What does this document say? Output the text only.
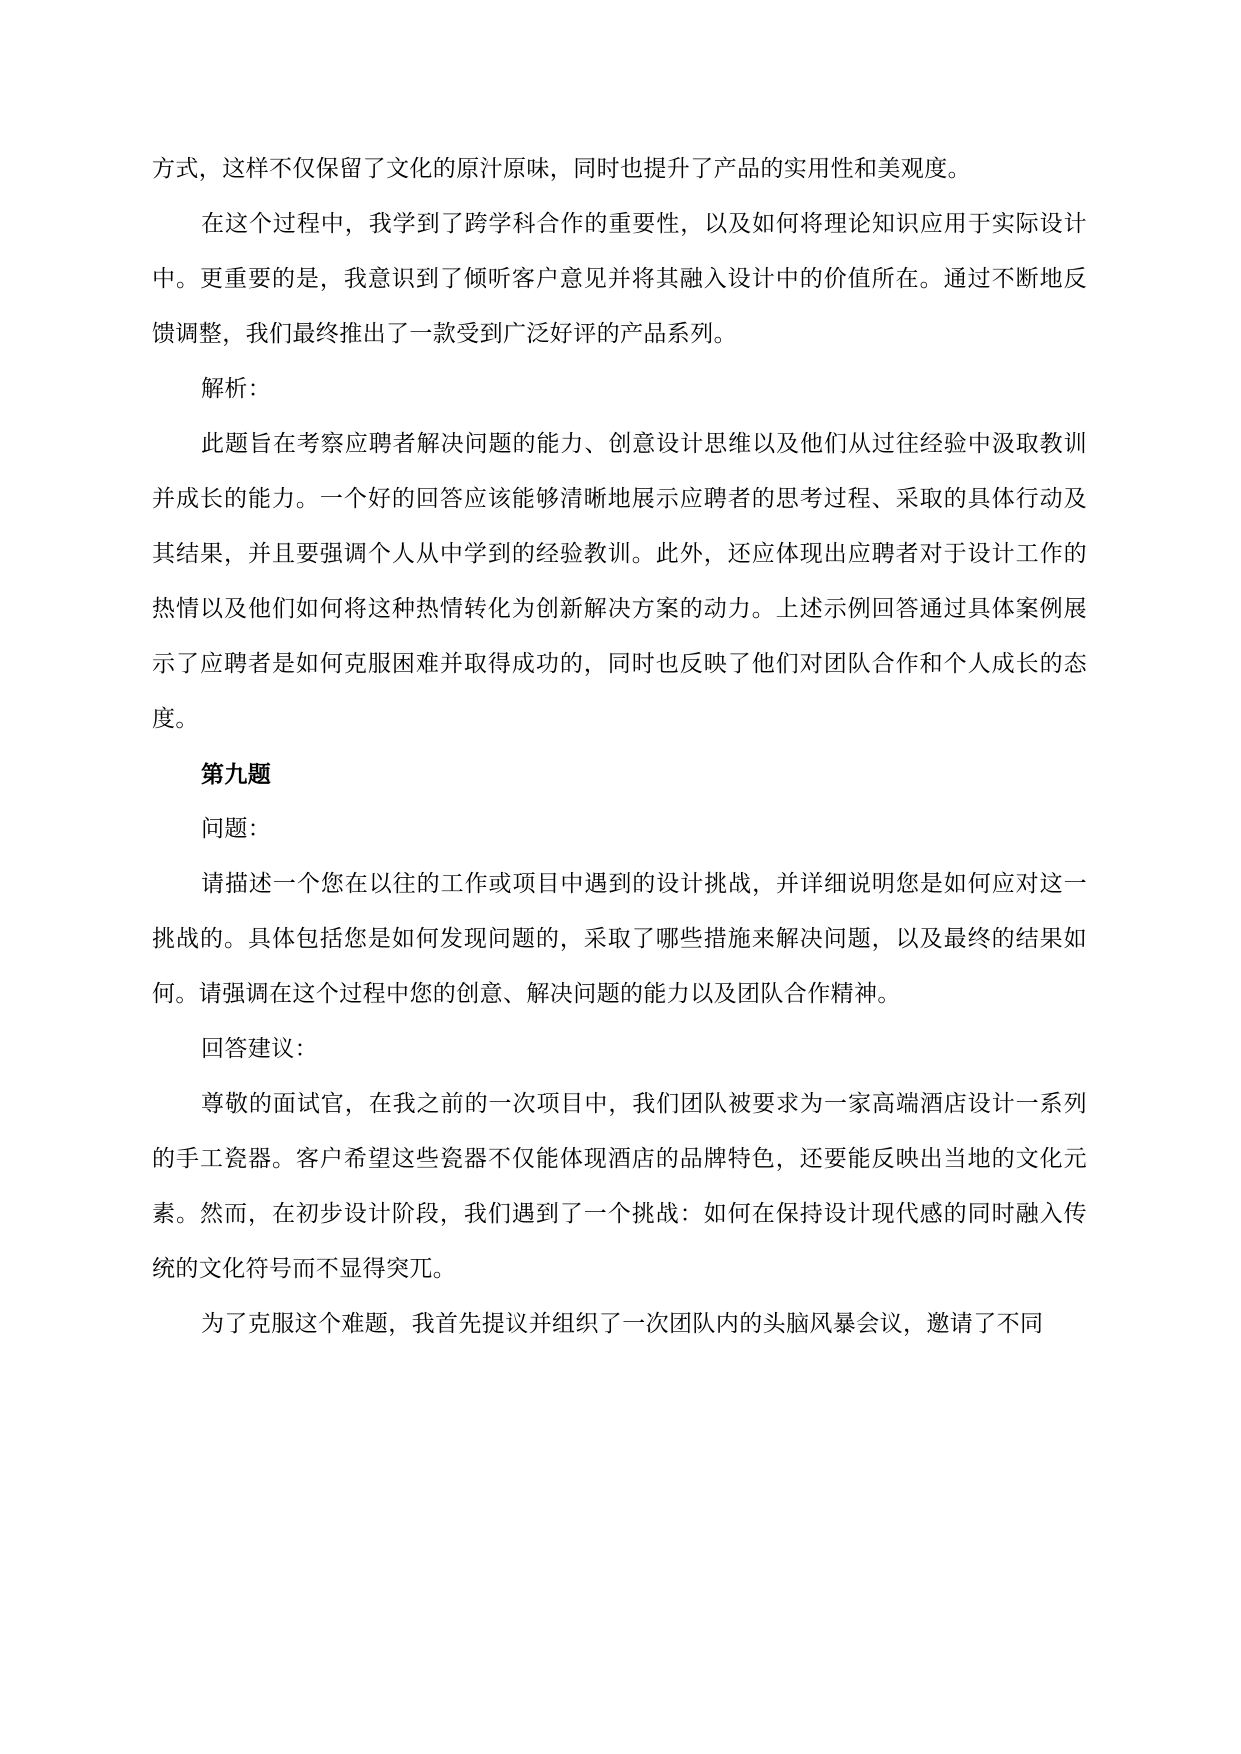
方式，这样不仅保留了文化的原汁原味，同时也提升了产品的实用性和美观度。

在这个过程中，我学到了跨学科合作的重要性，以及如何将理论知识应用于实际设计中。更重要的是，我意识到了倾听客户意见并将其融入设计中的价值所在。通过不断地反馈调整，我们最终推出了一款受到广泛好评的产品系列。

解析：

此题旨在考察应聘者解决问题的能力、创意设计思维以及他们从过往经验中汲取教训并成长的能力。一个好的回答应该能够清晰地展示应聘者的思考过程、采取的具体行动及其结果，并且要强调个人从中学到的经验教训。此外，还应体现出应聘者对于设计工作的热情以及他们如何将这种热情转化为创新解决方案的动力。上述示例回答通过具体案例展示了应聘者是如何克服困难并取得成功的，同时也反映了他们对团队合作和个人成长的态度。

第九题

问题：

请描述一个您在以往的工作或项目中遇到的设计挑战，并详细说明您是如何应对这一挑战的。具体包括您是如何发现问题的，采取了哪些措施来解决问题，以及最终的结果如何。请强调在这个过程中您的创意、解决问题的能力以及团队合作精神。

回答建议：

尊敬的面试官，在我之前的一次项目中，我们团队被要求为一家高端酒店设计一系列的手工瓷器。客户希望这些瓷器不仅能体现酒店的品牌特色，还要能反映出当地的文化元素。然而，在初步设计阶段，我们遇到了一个挑战：如何在保持设计现代感的同时融入传统的文化符号而不显得突兀。

为了克服这个难题，我首先提议并组织了一次团队内的头脑风暴会议，邀请了不同
